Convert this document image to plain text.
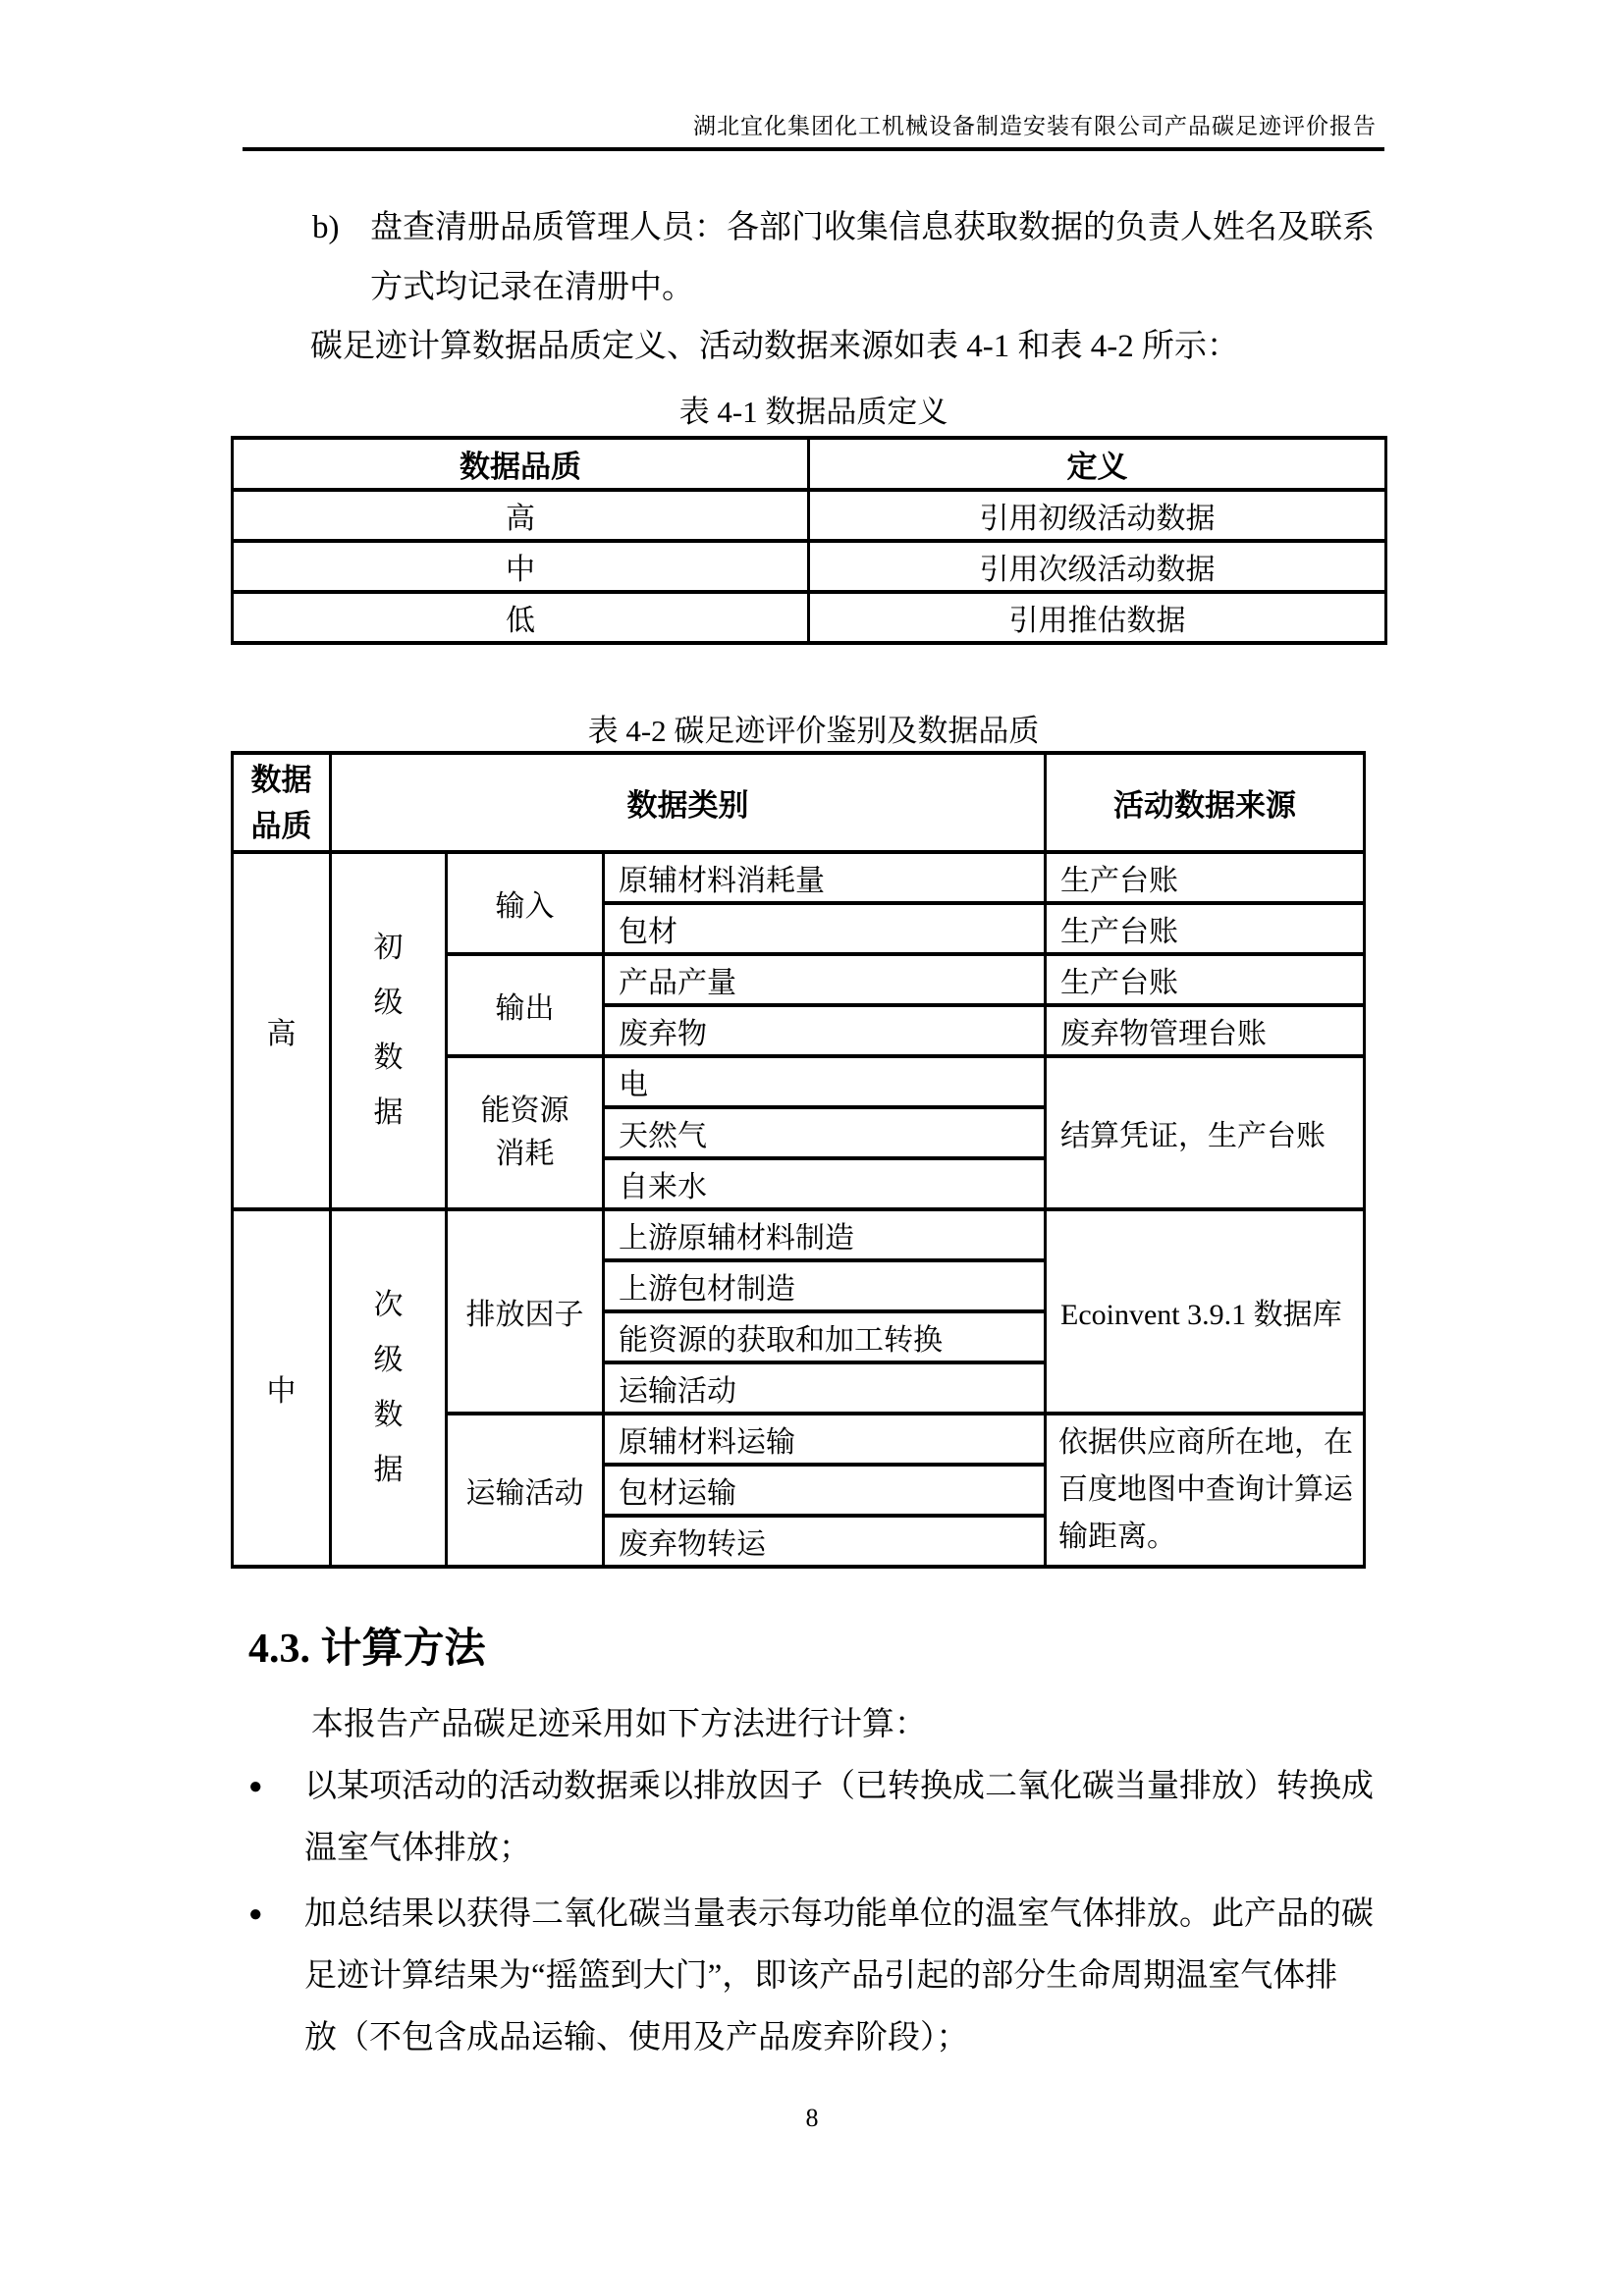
湖北宜化集团化工机械设备制造安装有限公司产品碳足迹评价报告
b) 盘查清册品质管理人员：各部门收集信息获取数据的负责人姓名及联系
方式均记录在清册中。
碳足迹计算数据品质定义、活动数据来源如表 4-1 和表 4-2 所示：
表 4-1 数据品质定义
数据品质	定义
高	引用初级活动数据
中	引用次级活动数据
低	引用推估数据
表 4-2 碳足迹评价鉴别及数据品质
数据品质	数据类别			活动数据来源
高	初级数据	输入	原辅材料消耗量	生产台账
			包材	生产台账
		输出	产品产量	生产台账
			废弃物	废弃物管理台账
		能资源消耗	电	结算凭证，生产台账
			天然气	
			自来水	
中	次级数据	排放因子	上游原辅材料制造	Ecoinvent 3.9.1 数据库
			上游包材制造	
			能资源的获取和加工转换	
			运输活动	
		运输活动	原辅材料运输	依据供应商所在地，在百度地图中查询计算运输距离。
			包材运输	
			废弃物转运	
4.3. 计算方法
本报告产品碳足迹采用如下方法进行计算：
●	以某项活动的活动数据乘以排放因子（已转换成二氧化碳当量排放）转换成
温室气体排放；
●	加总结果以获得二氧化碳当量表示每功能单位的温室气体排放。此产品的碳
足迹计算结果为“摇篮到大门”，即该产品引起的部分生命周期温室气体排
放（不包含成品运输、使用及产品废弃阶段）；
8
